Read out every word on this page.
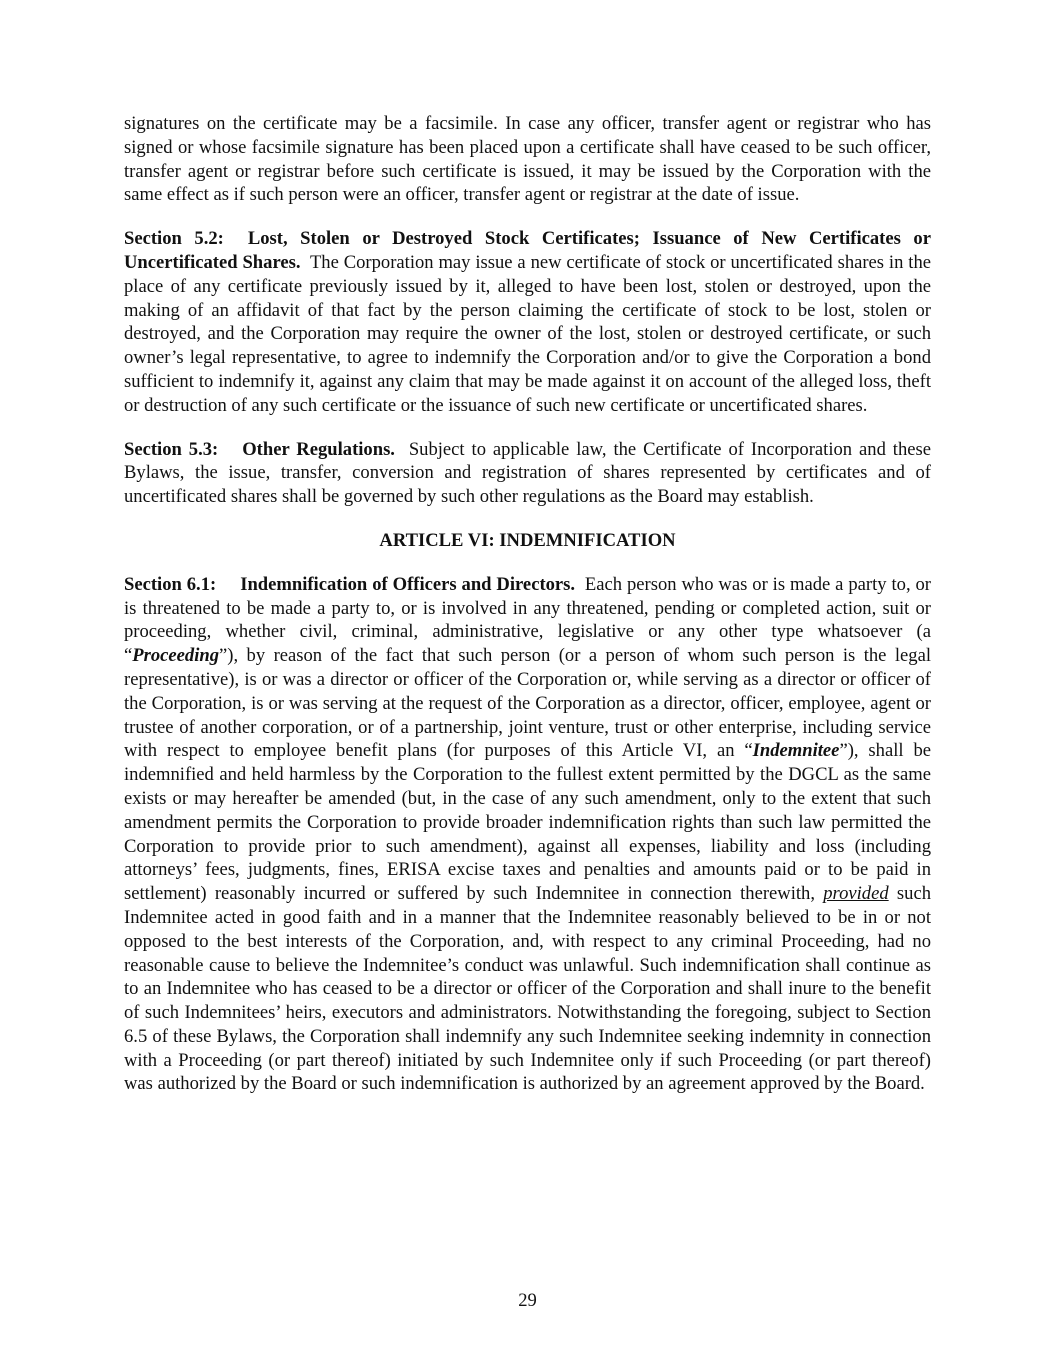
signatures on the certificate may be a facsimile. In case any officer, transfer agent or registrar who has signed or whose facsimile signature has been placed upon a certificate shall have ceased to be such officer, transfer agent or registrar before such certificate is issued, it may be issued by the Corporation with the same effect as if such person were an officer, transfer agent or registrar at the date of issue.

Section 5.2: Lost, Stolen or Destroyed Stock Certificates; Issuance of New Certificates or Uncertificated Shares. The Corporation may issue a new certificate of stock or uncertificated shares in the place of any certificate previously issued by it, alleged to have been lost, stolen or destroyed, upon the making of an affidavit of that fact by the person claiming the certificate of stock to be lost, stolen or destroyed, and the Corporation may require the owner of the lost, stolen or destroyed certificate, or such owner’s legal representative, to agree to indemnify the Corporation and/or to give the Corporation a bond sufficient to indemnify it, against any claim that may be made against it on account of the alleged loss, theft or destruction of any such certificate or the issuance of such new certificate or uncertificated shares.

Section 5.3: Other Regulations. Subject to applicable law, the Certificate of Incorporation and these Bylaws, the issue, transfer, conversion and registration of shares represented by certificates and of uncertificated shares shall be governed by such other regulations as the Board may establish.

ARTICLE VI: INDEMNIFICATION

Section 6.1: Indemnification of Officers and Directors. Each person who was or is made a party to, or is threatened to be made a party to, or is involved in any threatened, pending or completed action, suit or proceeding, whether civil, criminal, administrative, legislative or any other type whatsoever (a “Proceeding”), by reason of the fact that such person (or a person of whom such person is the legal representative), is or was a director or officer of the Corporation or, while serving as a director or officer of the Corporation, is or was serving at the request of the Corporation as a director, officer, employee, agent or trustee of another corporation, or of a partnership, joint venture, trust or other enterprise, including service with respect to employee benefit plans (for purposes of this Article VI, an “Indemnitee”), shall be indemnified and held harmless by the Corporation to the fullest extent permitted by the DGCL as the same exists or may hereafter be amended (but, in the case of any such amendment, only to the extent that such amendment permits the Corporation to provide broader indemnification rights than such law permitted the Corporation to provide prior to such amendment), against all expenses, liability and loss (including attorneys’ fees, judgments, fines, ERISA excise taxes and penalties and amounts paid or to be paid in settlement) reasonably incurred or suffered by such Indemnitee in connection therewith, provided such Indemnitee acted in good faith and in a manner that the Indemnitee reasonably believed to be in or not opposed to the best interests of the Corporation, and, with respect to any criminal Proceeding, had no reasonable cause to believe the Indemnitee’s conduct was unlawful. Such indemnification shall continue as to an Indemnitee who has ceased to be a director or officer of the Corporation and shall inure to the benefit of such Indemnitees’ heirs, executors and administrators. Notwithstanding the foregoing, subject to Section 6.5 of these Bylaws, the Corporation shall indemnify any such Indemnitee seeking indemnity in connection with a Proceeding (or part thereof) initiated by such Indemnitee only if such Proceeding (or part thereof) was authorized by the Board or such indemnification is authorized by an agreement approved by the Board.

29
